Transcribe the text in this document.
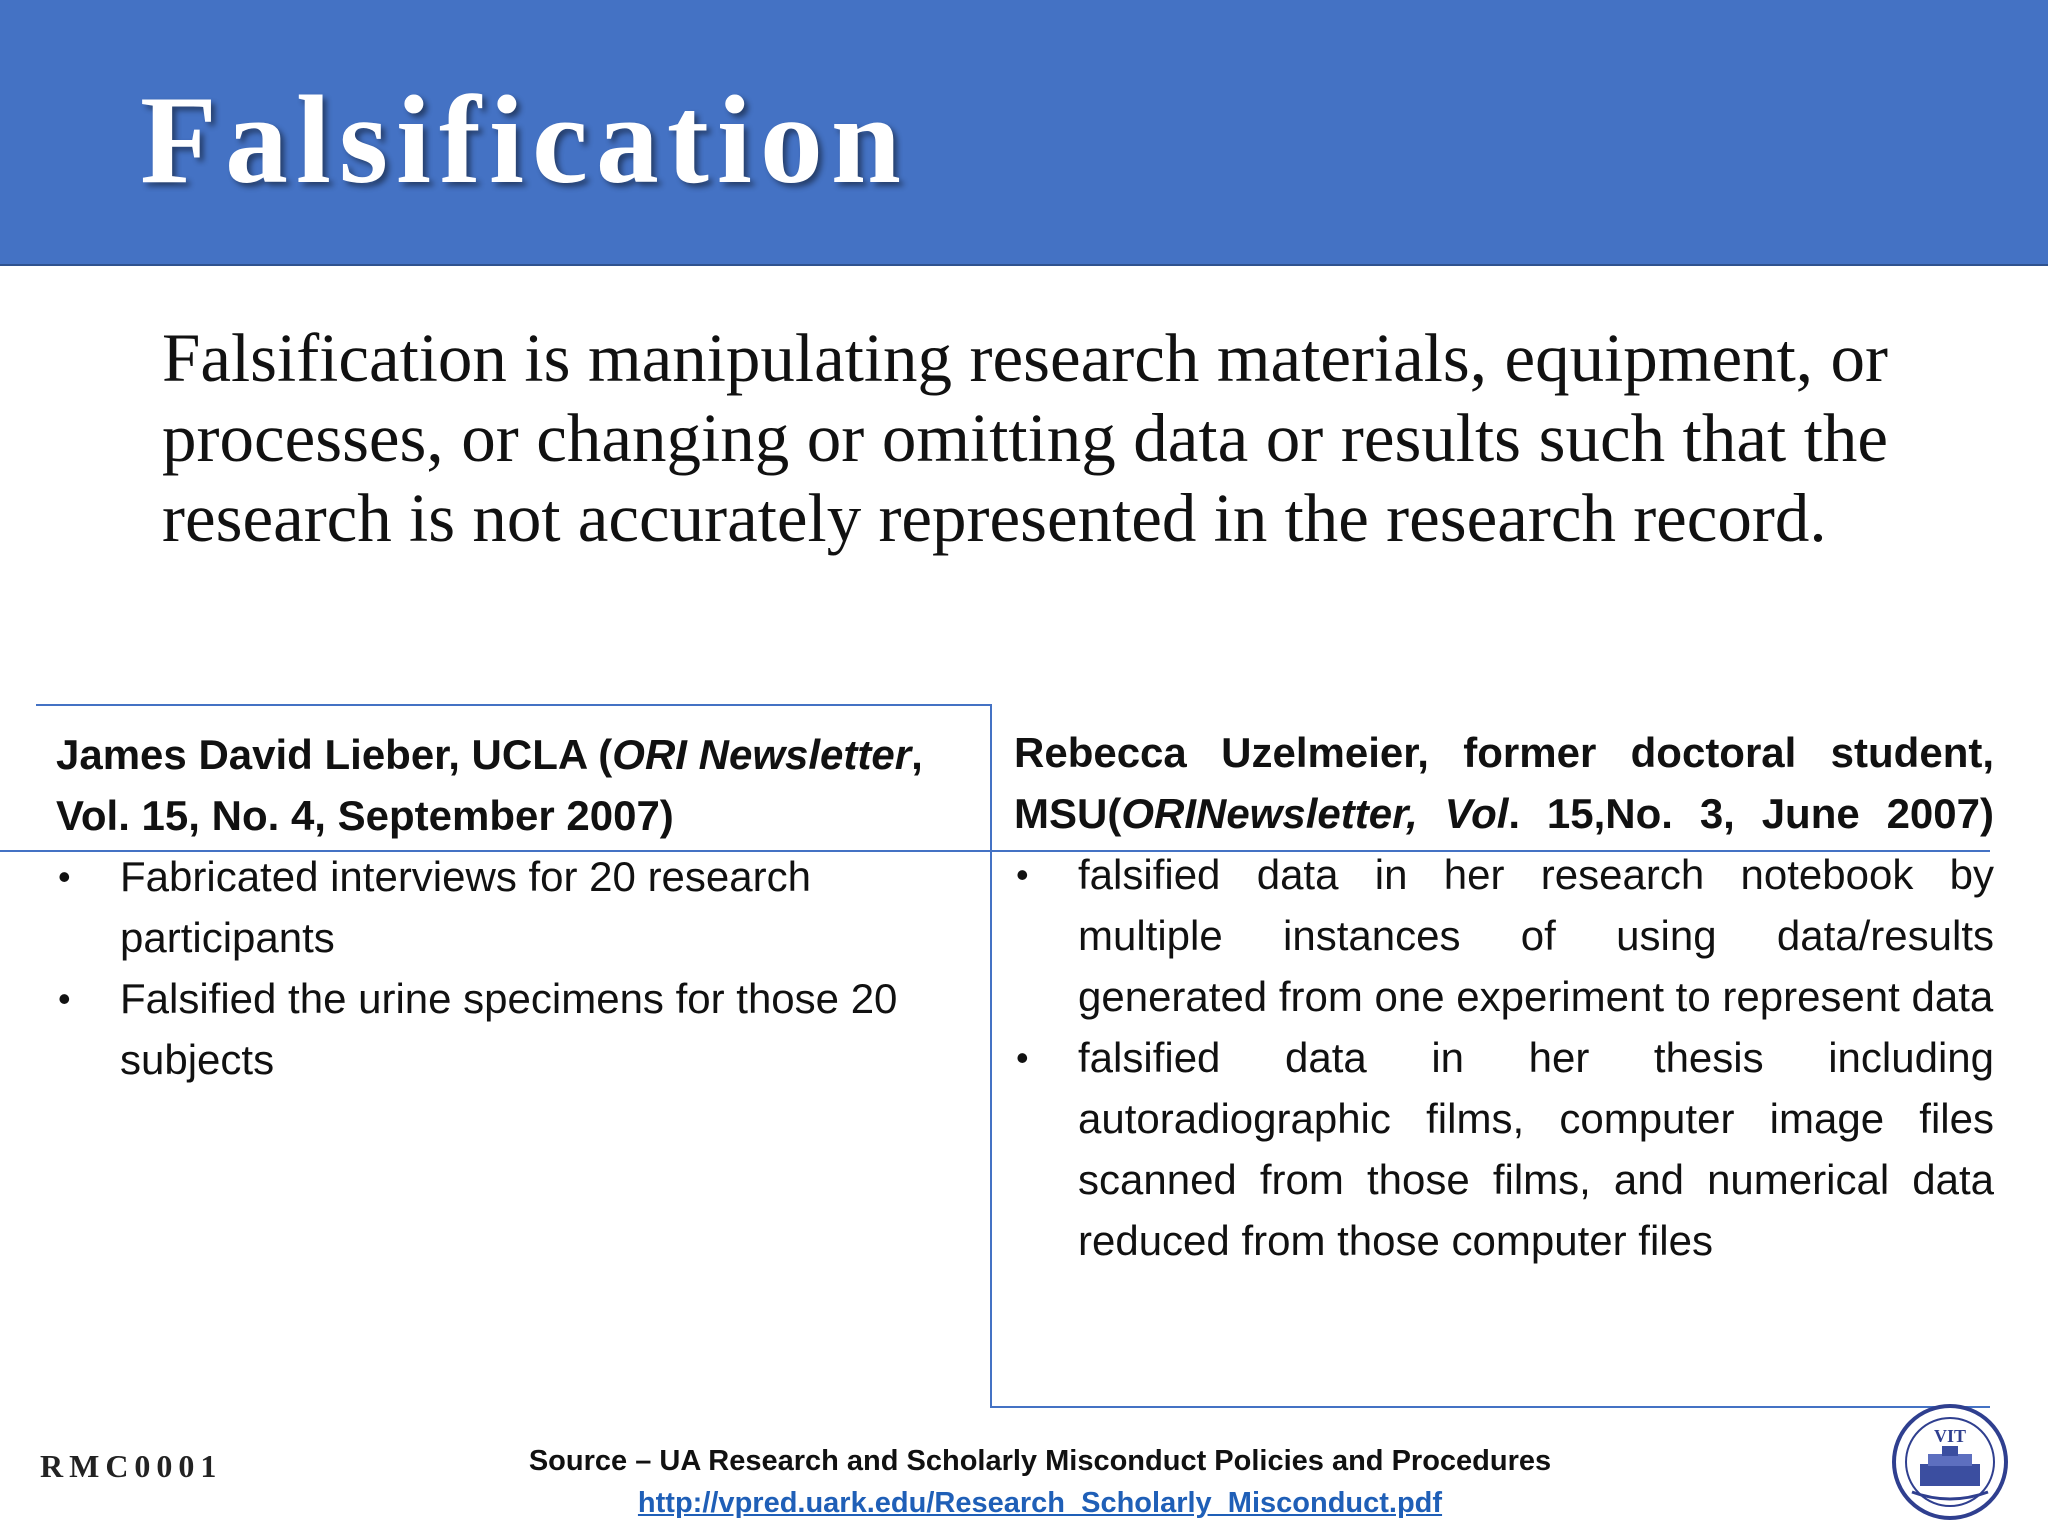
Falsification
Falsification is manipulating research materials, equipment, or processes, or changing or omitting data or results such that the research is not accurately represented in the research record.
James David Lieber, UCLA (ORI Newsletter, Vol. 15, No. 4, September 2007)
• Fabricated interviews for 20 research participants
• Falsified the urine specimens for those 20 subjects
Rebecca Uzelmeier, former doctoral student, MSU(ORINewsletter, Vol. 15,No. 3, June 2007)
• falsified data in her research notebook by multiple instances of using data/results generated from one experiment to represent data
• falsified data in her thesis including autoradiographic films, computer image files scanned from those films, and numerical data reduced from those computer files
RMC0001	Source – UA Research and Scholarly Misconduct Policies and Procedures
http://vpred.uark.edu/Research_Scholarly_Misconduct.pdf
VIT
